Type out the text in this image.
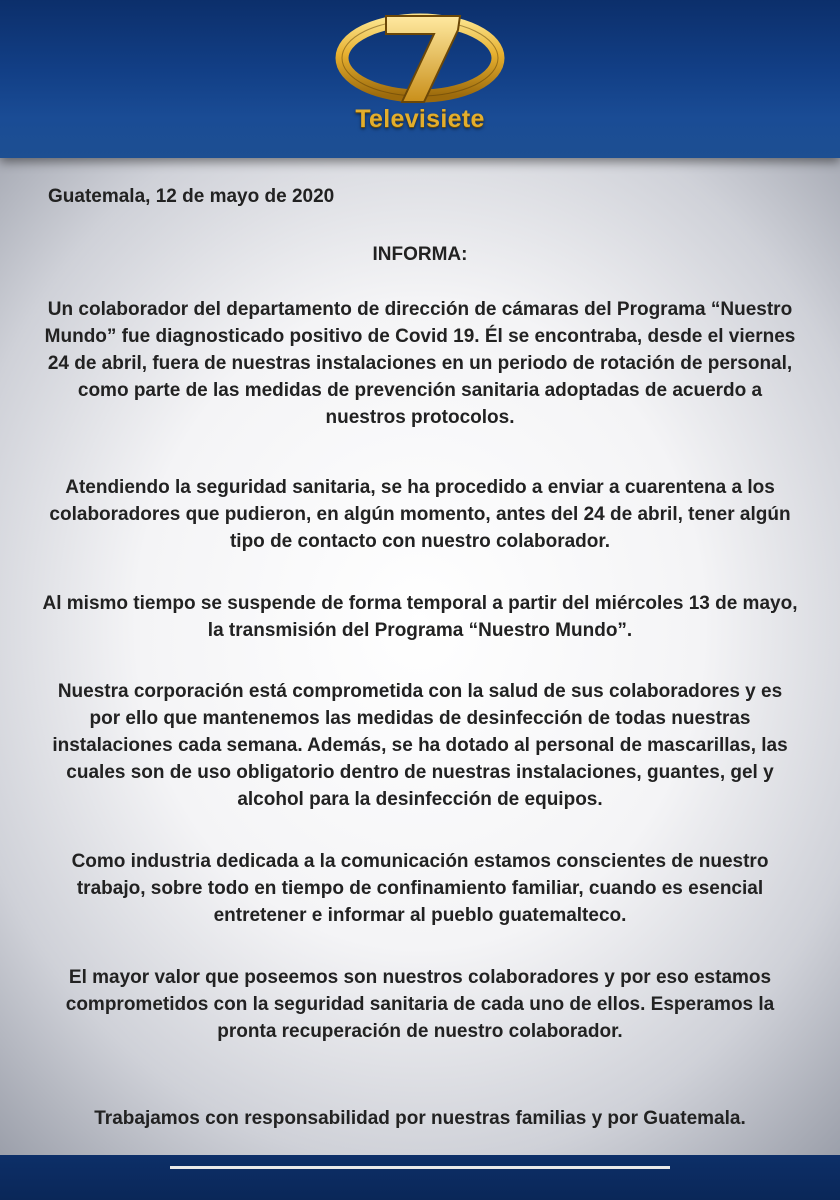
Televisiete
Guatemala, 12 de mayo de 2020
INFORMA:

Un colaborador del departamento de dirección de cámaras del Programa “Nuestro Mundo” fue diagnosticado positivo de Covid 19. Él se encontraba, desde el viernes 24 de abril, fuera de nuestras instalaciones en un periodo de rotación de personal, como parte de las medidas de prevención sanitaria adoptadas de acuerdo a nuestros protocolos.

Atendiendo la seguridad sanitaria, se ha procedido a enviar a cuarentena a los colaboradores que pudieron, en algún momento, antes del 24 de abril, tener algún tipo de contacto con nuestro colaborador.

Al mismo tiempo se suspende de forma temporal a partir del miércoles 13 de mayo, la transmisión del Programa “Nuestro Mundo”.

Nuestra corporación está comprometida con la salud de sus colaboradores y es por ello que mantenemos las medidas de desinfección de todas nuestras instalaciones cada semana. Además, se ha dotado al personal de mascarillas, las cuales son de uso obligatorio dentro de nuestras instalaciones, guantes, gel y alcohol para la desinfección de equipos.

Como industria dedicada a la comunicación estamos conscientes de nuestro trabajo, sobre todo en tiempo de confinamiento familiar, cuando es esencial entretener e informar al pueblo guatemalteco.

El mayor valor que poseemos son nuestros colaboradores y por eso estamos comprometidos con la seguridad sanitaria de cada uno de ellos. Esperamos la pronta recuperación de nuestro colaborador.

Trabajamos con responsabilidad por nuestras familias y por Guatemala.
